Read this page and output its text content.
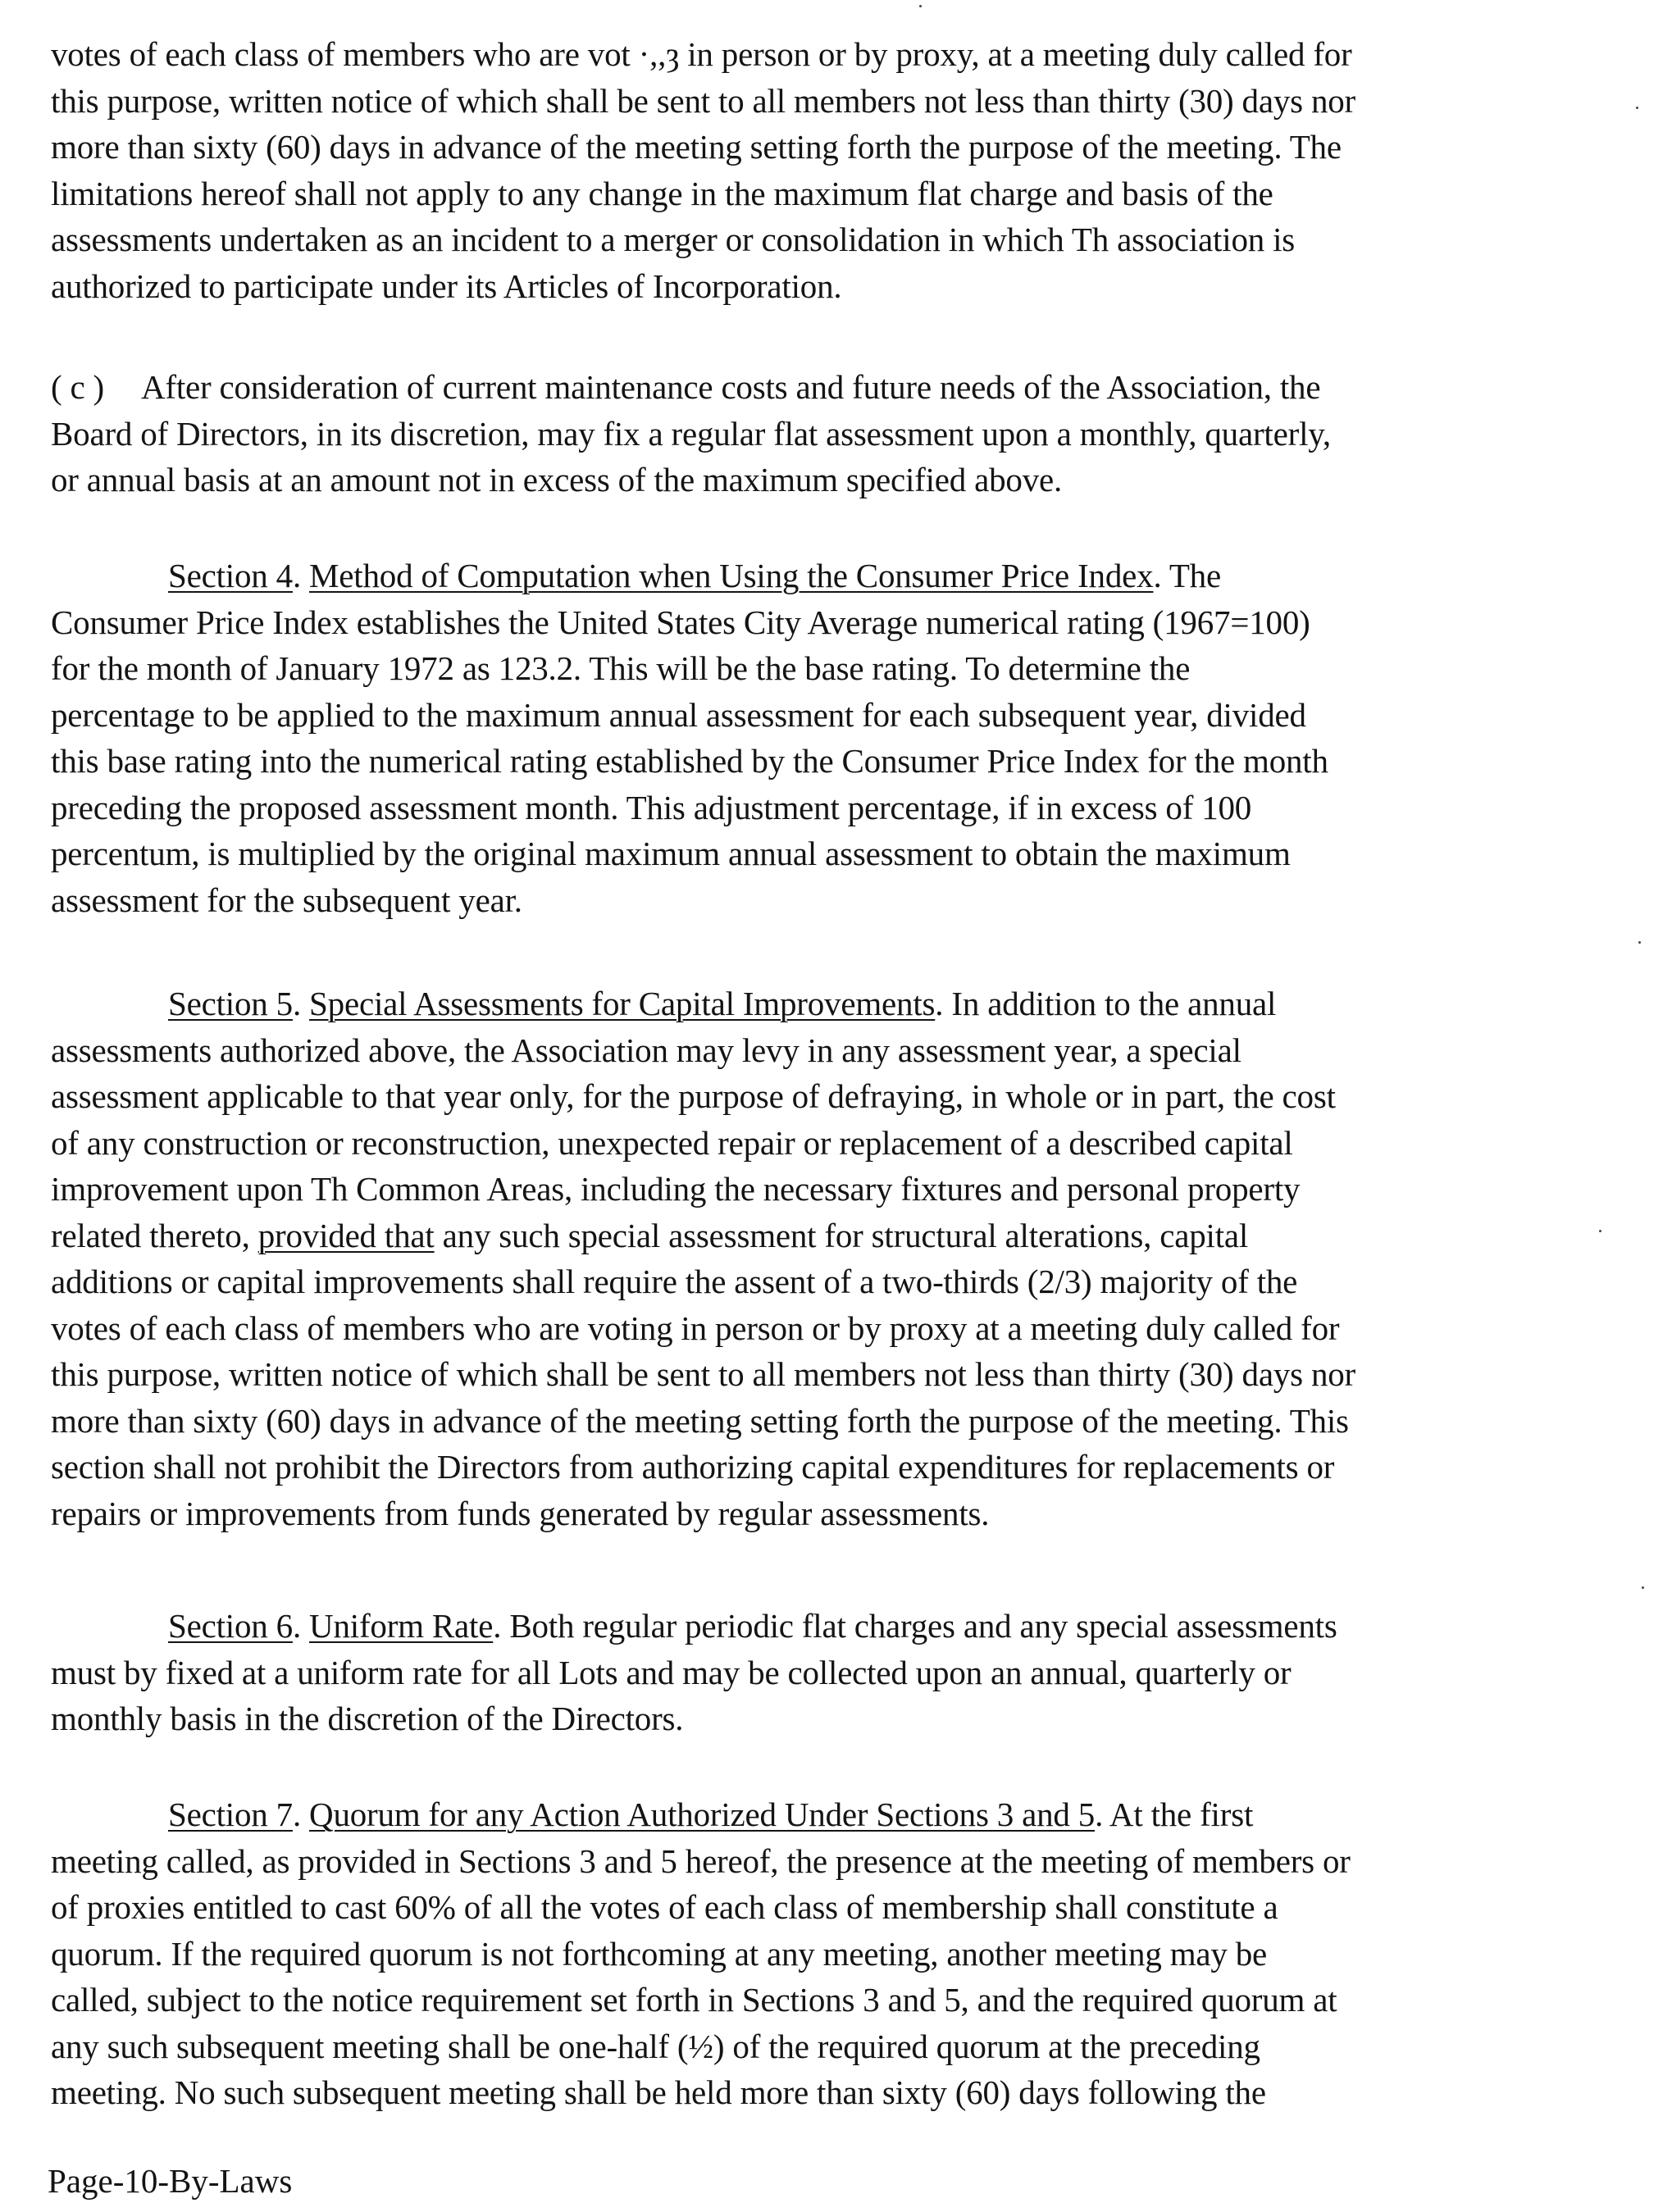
votes of each class of members who are vot ·,,ȝ in person or by proxy, at a meeting duly called for
this purpose, written notice of which shall be sent to all members not less than thirty (30) days nor
more than sixty (60) days in advance of the meeting setting forth the purpose of the meeting. The
limitations hereof shall not apply to any change in the maximum flat charge and basis of the
assessments undertaken as an incident to a merger or consolidation in which Th association is
authorized to participate under its Articles of Incorporation.
( c ) After consideration of current maintenance costs and future needs of the Association, the
Board of Directors, in its discretion, may fix a regular flat assessment upon a monthly, quarterly,
or annual basis at an amount not in excess of the maximum specified above.
Section 4. Method of Computation when Using the Consumer Price Index. The
Consumer Price Index establishes the United States City Average numerical rating (1967=100)
for the month of January 1972 as 123.2. This will be the base rating. To determine the
percentage to be applied to the maximum annual assessment for each subsequent year, divided
this base rating into the numerical rating established by the Consumer Price Index for the month
preceding the proposed assessment month. This adjustment percentage, if in excess of 100
percentum, is multiplied by the original maximum annual assessment to obtain the maximum
assessment for the subsequent year.
Section 5. Special Assessments for Capital Improvements. In addition to the annual
assessments authorized above, the Association may levy in any assessment year, a special
assessment applicable to that year only, for the purpose of defraying, in whole or in part, the cost
of any construction or reconstruction, unexpected repair or replacement of a described capital
improvement upon Th Common Areas, including the necessary fixtures and personal property
related thereto, provided that any such special assessment for structural alterations, capital
additions or capital improvements shall require the assent of a two-thirds (2/3) majority of the
votes of each class of members who are voting in person or by proxy at a meeting duly called for
this purpose, written notice of which shall be sent to all members not less than thirty (30) days nor
more than sixty (60) days in advance of the meeting setting forth the purpose of the meeting. This
section shall not prohibit the Directors from authorizing capital expenditures for replacements or
repairs or improvements from funds generated by regular assessments.
Section 6. Uniform Rate. Both regular periodic flat charges and any special assessments
must by fixed at a uniform rate for all Lots and may be collected upon an annual, quarterly or
monthly basis in the discretion of the Directors.
Section 7. Quorum for any Action Authorized Under Sections 3 and 5. At the first
meeting called, as provided in Sections 3 and 5 hereof, the presence at the meeting of members or
of proxies entitled to cast 60% of all the votes of each class of membership shall constitute a
quorum. If the required quorum is not forthcoming at any meeting, another meeting may be
called, subject to the notice requirement set forth in Sections 3 and 5, and the required quorum at
any such subsequent meeting shall be one-half (½) of the required quorum at the preceding
meeting. No such subsequent meeting shall be held more than sixty (60) days following the
Page-10-By-Laws
